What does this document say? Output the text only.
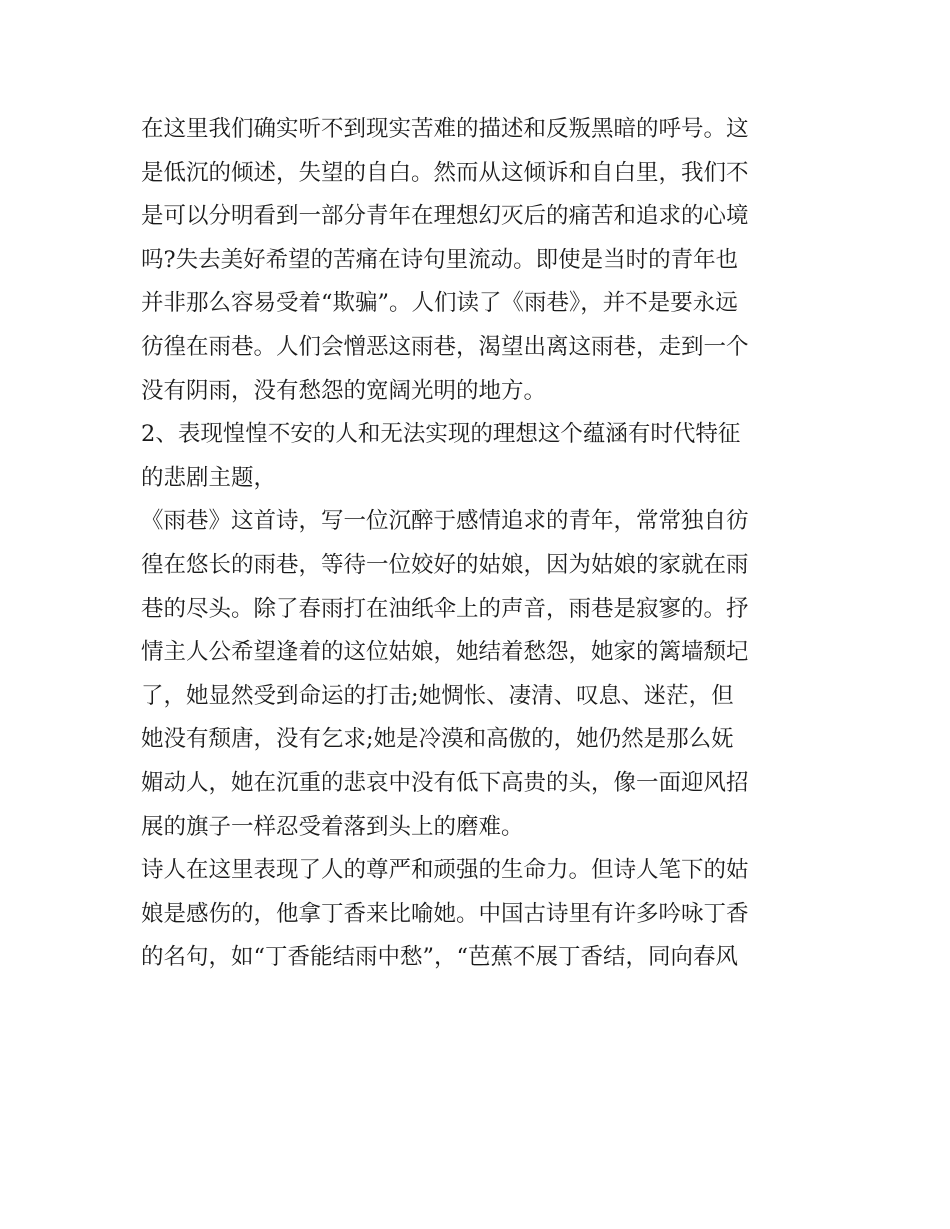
在这里我们确实听不到现实苦难的描述和反叛黑暗的呼号。这
是低沉的倾述，失望的自白。然而从这倾诉和自白里，我们不
是可以分明看到一部分青年在理想幻灭后的痛苦和追求的心境
吗?失去美好希望的苦痛在诗句里流动。即使是当时的青年也
并非那么容易受着“欺骗”。人们读了《雨巷》，并不是要永远
彷徨在雨巷。人们会憎恶这雨巷，渴望出离这雨巷，走到一个
没有阴雨，没有愁怨的宽阔光明的地方。
2、表现惶惶不安的人和无法实现的理想这个蕴涵有时代特征
的悲剧主题，
《雨巷》这首诗，写一位沉醉于感情追求的青年，常常独自彷
徨在悠长的雨巷，等待一位姣好的姑娘，因为姑娘的家就在雨
巷的尽头。除了春雨打在油纸伞上的声音，雨巷是寂寥的。抒
情主人公希望逢着的这位姑娘，她结着愁怨，她家的篱墙颓圮
了，她显然受到命运的打击;她惆怅、凄清、叹息、迷茫，但
她没有颓唐，没有乞求;她是冷漠和高傲的，她仍然是那么妩
媚动人，她在沉重的悲哀中没有低下高贵的头，像一面迎风招
展的旗子一样忍受着落到头上的磨难。
诗人在这里表现了人的尊严和顽强的生命力。但诗人笔下的姑
娘是感伤的，他拿丁香来比喻她。中国古诗里有许多吟咏丁香
的名句，如“丁香能结雨中愁”，“芭蕉不展丁香结，同向春风
